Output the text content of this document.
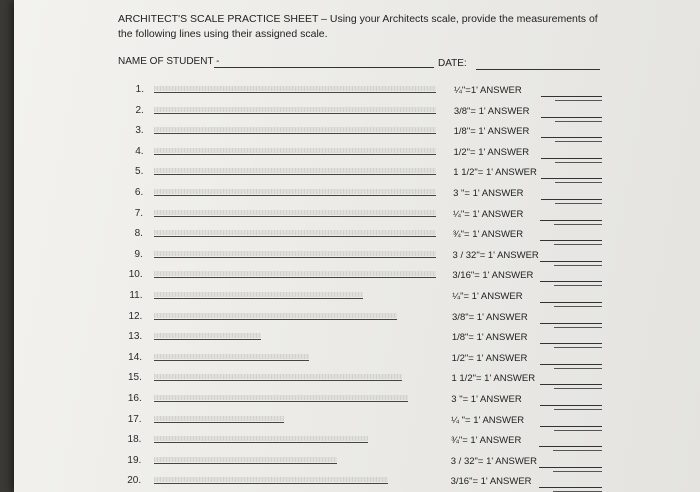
ARCHITECT'S SCALE PRACTICE SHEET – Using your Architects scale, provide the measurements of the following lines using their assigned scale.
NAME OF STUDENT -	DATE:
1.	¼"=1' ANSWER
2.	3/8"= 1' ANSWER
3.	1/8"= 1' ANSWER
4.	1/2"= 1' ANSWER
5.	1 1/2"= 1' ANSWER
6.	3 "= 1' ANSWER
7.	¼"= 1' ANSWER
8.	¾"= 1' ANSWER
9.	3 / 32"= 1' ANSWER
10.	3/16"= 1' ANSWER
11.	¼"= 1' ANSWER
12.	3/8"= 1' ANSWER
13.	1/8"= 1' ANSWER
14.	1/2"= 1' ANSWER
15.	1 1/2"= 1' ANSWER
16.	3 "= 1' ANSWER
17.	¼ "= 1' ANSWER
18.	¾"= 1' ANSWER
19.	3 / 32"= 1' ANSWER
20.	3/16"= 1' ANSWER
